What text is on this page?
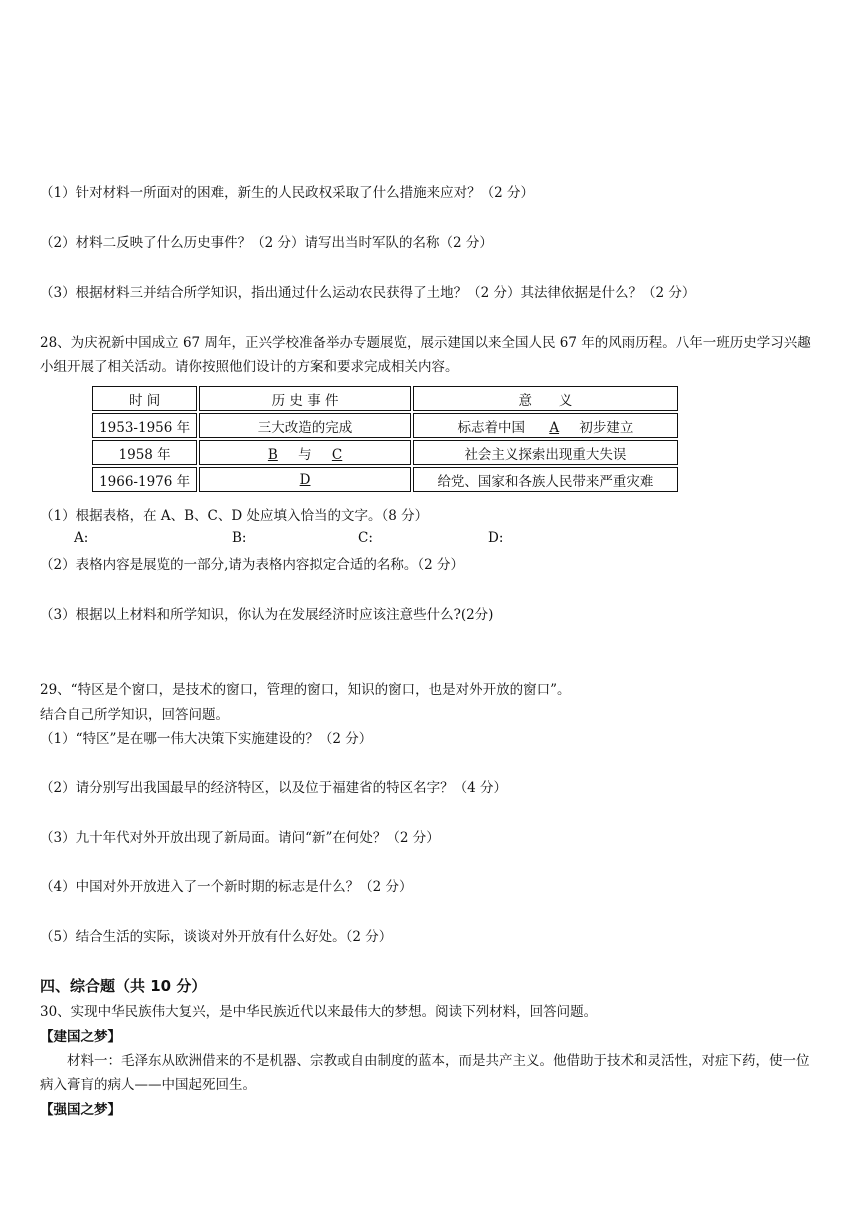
（1）针对材料一所面对的困难，新生的人民政权采取了什么措施来应对？（2 分）
（2）材料二反映了什么历史事件？（2 分）请写出当时军队的名称（2 分）
（3）根据材料三并结合所学知识，指出通过什么运动农民获得了土地？（2 分）其法律依据是什么？（2 分）
28、为庆祝新中国成立 67 周年，正兴学校准备举办专题展览，展示建国以来全国人民 67 年的风雨历程。八年一班历史学习兴趣小组开展了相关活动。请你按照他们设计的方案和要求完成相关内容。
时 间	历 史 事 件	意　　义
1953-1956 年	三大改造的完成	标志着中国 A 初步建立
1958 年	B 与 C	社会主义探索出现重大失误
1966-1976 年	D	给党、国家和各族人民带来严重灾难
（1）根据表格，在 A、B、C、D 处应填入恰当的文字。（8 分）
A:	B:	C:	D:
（2）表格内容是展览的一部分,请为表格内容拟定合适的名称。（2 分）
（3）根据以上材料和所学知识，你认为在发展经济时应该注意些什么?(2分)
29、“特区是个窗口，是技术的窗口，管理的窗口，知识的窗口，也是对外开放的窗口”。
结合自己所学知识，回答问题。
（1）“特区”是在哪一伟大决策下实施建设的？（2 分）
（2）请分别写出我国最早的经济特区，以及位于福建省的特区名字？（4 分）
（3）九十年代对外开放出现了新局面。请问“新”在何处？（2 分）
（4）中国对外开放进入了一个新时期的标志是什么？（2 分）
（5）结合生活的实际，谈谈对外开放有什么好处。（2 分）
四、综合题（共 10 分）
30、实现中华民族伟大复兴，是中华民族近代以来最伟大的梦想。阅读下列材料，回答问题。
【建国之梦】
材料一：毛泽东从欧洲借来的不是机器、宗教或自由制度的蓝本，而是共产主义。他借助于技术和灵活性，对症下药，使一位病入膏肓的病人——中国起死回生。
【强国之梦】
